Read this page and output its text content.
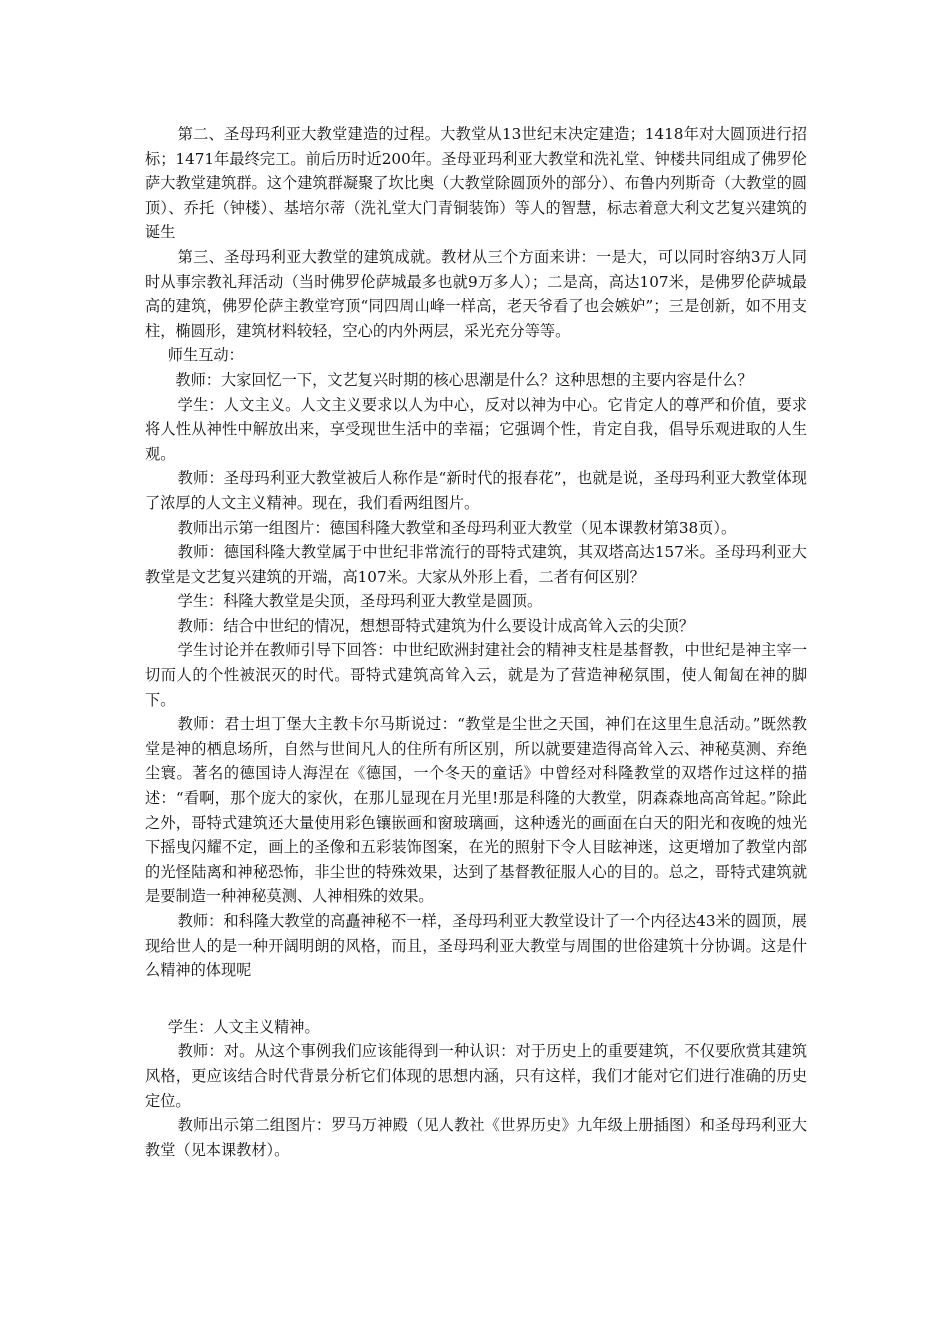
第二、圣母玛利亚大教堂建造的过程。大教堂从13世纪末决定建造；1418年对大圆顶进行招标；1471年最终完工。前后历时近200年。圣母亚玛利亚大教堂和洗礼堂、钟楼共同组成了佛罗伦萨大教堂建筑群。这个建筑群凝聚了坎比奥（大教堂除圆顶外的部分）、布鲁内列斯奇（大教堂的圆顶）、乔托（钟楼）、基培尔蒂（洗礼堂大门青铜装饰）等人的智慧，标志着意大利文艺复兴建筑的诞生

第三、圣母玛利亚大教堂的建筑成就。教材从三个方面来讲：一是大，可以同时容纳3万人同时从事宗教礼拜活动（当时佛罗伦萨城最多也就9万多人）；二是高，高达107米，是佛罗伦萨城最高的建筑，佛罗伦萨主教堂穹顶“同四周山峰一样高，老天爷看了也会嫉妒”；三是创新，如不用支柱，椭圆形，建筑材料较轻，空心的内外两层，采光充分等等。

师生互动：

教师：大家回忆一下，文艺复兴时期的核心思潮是什么？这种思想的主要内容是什么？

学生：人文主义。人文主义要求以人为中心，反对以神为中心。它肯定人的尊严和价值，要求将人性从神性中解放出来，享受现世生活中的幸福；它强调个性，肯定自我，倡导乐观进取的人生观。

教师：圣母玛利亚大教堂被后人称作是“新时代的报春花”，也就是说，圣母玛利亚大教堂体现了浓厚的人文主义精神。现在，我们看两组图片。

教师出示第一组图片：德国科隆大教堂和圣母玛利亚大教堂（见本课教材第38页）。

教师：德国科隆大教堂属于中世纪非常流行的哥特式建筑，其双塔高达157米。圣母玛利亚大教堂是文艺复兴建筑的开端，高107米。大家从外形上看，二者有何区别？

学生：科隆大教堂是尖顶，圣母玛利亚大教堂是圆顶。

教师：结合中世纪的情况，想想哥特式建筑为什么要设计成高耸入云的尖顶？

学生讨论并在教师引导下回答：中世纪欧洲封建社会的精神支柱是基督教，中世纪是神主宰一切而人的个性被泯灭的时代。哥特式建筑高耸入云，就是为了营造神秘氛围，使人匍匐在神的脚下。

教师：君士坦丁堡大主教卡尔马斯说过：“教堂是尘世之天国，神们在这里生息活动。”既然教堂是神的栖息场所，自然与世间凡人的住所有所区别，所以就要建造得高耸入云、神秘莫测、弃绝尘寰。著名的德国诗人海涅在《德国，一个冬天的童话》中曾经对科隆教堂的双塔作过这样的描述：“看啊，那个庞大的家伙，在那儿显现在月光里!那是科隆的大教堂，阴森森地高高耸起。”除此之外，哥特式建筑还大量使用彩色镶嵌画和窗玻璃画，这种透光的画面在白天的阳光和夜晚的烛光下摇曳闪耀不定，画上的圣像和五彩装饰图案，在光的照射下令人目眩神迷，这更增加了教堂内部的光怪陆离和神秘恐怖，非尘世的特殊效果，达到了基督教征服人心的目的。总之，哥特式建筑就是要制造一种神秘莫测、人神相殊的效果。

教师：和科隆大教堂的高矗神秘不一样，圣母玛利亚大教堂设计了一个内径达43米的圆顶，展现给世人的是一种开阔明朗的风格，而且，圣母玛利亚大教堂与周围的世俗建筑十分协调。这是什么精神的体现呢

学生：人文主义精神。

教师：对。从这个事例我们应该能得到一种认识：对于历史上的重要建筑，不仅要欣赏其建筑风格，更应该结合时代背景分析它们体现的思想内涵，只有这样，我们才能对它们进行准确的历史定位。

教师出示第二组图片：罗马万神殿（见人教社《世界历史》九年级上册插图）和圣母玛利亚大教堂（见本课教材）。
